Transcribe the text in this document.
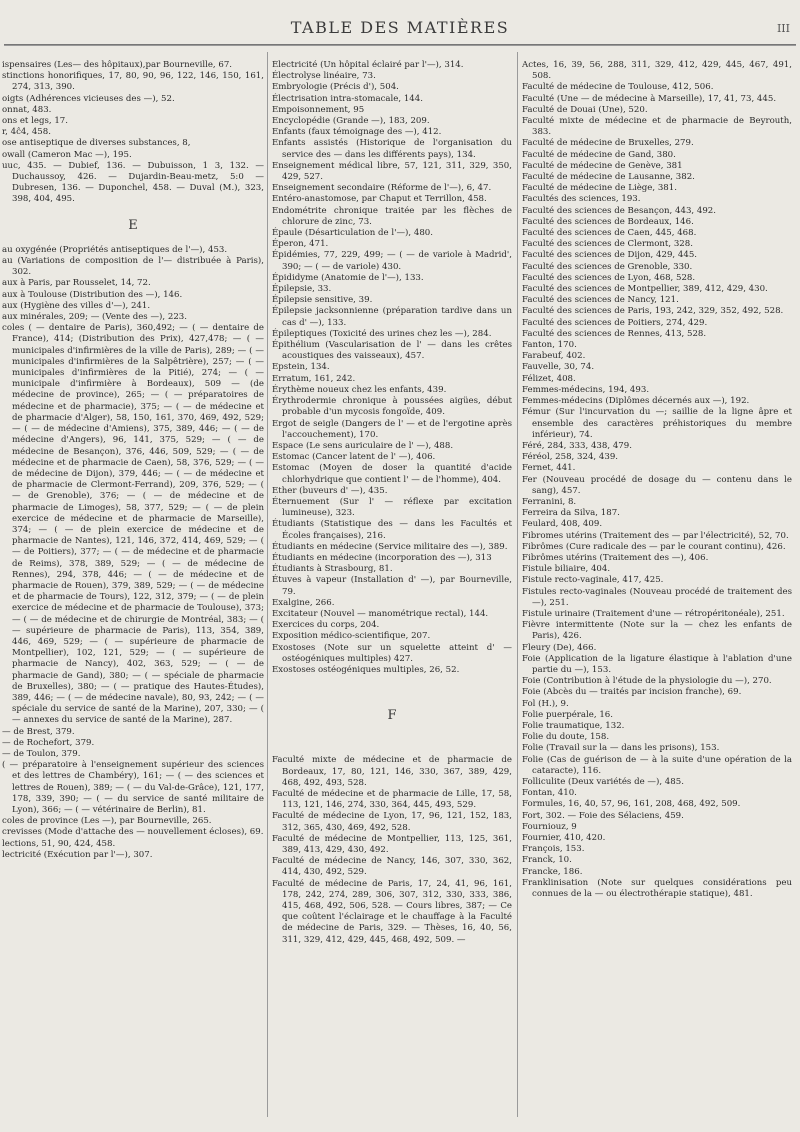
TABLE DES MATIÈRES	III
ispensaires (Les— des hôpitaux),par Bourneville, 67.
stinctions honorifiques, 17, 80, 90, 96, 122, 146, 150, 161, 274, 313, 390.
oigts (Adhérences vicieuses des —), 52.
onnat, 483.
ons et legs, 17.
r, 4ĉ4, 458.
ose antiseptique de diverses substances, 8,
owall (Cameron Mac —), 195.
uuc, 435. — Dubief, 136. — Dubuisson, 1 3, 132. — Duchaussoy, 426. — Dujardin-Beau-metz, 5:0 — Dubresen, 136. — Duponchel, 458. — Duval (M.), 323, 398, 404, 495.
E
au oxygénée (Propriétés antiseptiques de l'—), 453.
au (Variations de composition de l'— distribuée à Paris), 302.
aux à Paris, par Rousselet, 14, 72.
aux à Toulouse (Distribution des —), 146.
aux (Hygiène des villes d'—), 241.
aux minérales, 209; — (Vente des —), 223.
coles ( — dentaire de Paris), 360,492; — ( — dentaire de France), 414; (Distribution des Prix), 427,478; — ( — municipales d'infirmières de la ville de Paris), 289; — ( — municipales d'infirmières de la Salpêtrière), 257; — ( — municipales d'infirmières de la Pitié), 274; — ( — municipale d'infirmière à Bordeaux), 509 — (de médecine de province), 265; — ( — préparatoires de médecine et de pharmacie), 375; — ( — de médecine et de pharmacie d'Alger), 58, 150, 161, 370, 469, 492, 529; — ( — de médecine d'Amiens), 375, 389, 446; — ( — de médecine d'Angers), 96, 141, 375, 529; — ( — de médecine de Besançon), 376, 446, 509, 529; — ( — de médecine et de pharmacie de Caen), 58, 376, 529; — ( — de médecine de Dijon), 379, 446; — ( — de médecine et de pharmacie de Clermont-Ferrand), 209, 376, 529; — ( — de Grenoble), 376; — ( — de médecine et de pharmacie de Limoges), 58, 377, 529; — ( — de plein exercice de médecine et de pharmacie de Marseille), 374; — ( — de plein exercice de médecine et de pharmacie de Nantes), 121, 146, 372, 414, 469, 529; — ( — de Poitiers), 377; — ( — de médecine et de pharmacie de Reims), 378, 389, 529; — ( — de médecine de Rennes), 294, 378, 446; — ( — de médecine et de pharmacie de Rouen), 379, 389, 529; — ( — de médecine et de pharmacie de Tours), 122, 312, 379; — ( — de plein exercice de médecine et de pharmacie de Toulouse), 373; — ( — de médecine et de chirurgie de Montréal, 383; — ( — supérieure de pharmacie de Paris), 113, 354, 389, 446, 469, 529; — ( — supérieure de pharmacie de Montpellier), 102, 121, 529; — ( — supérieure de pharmacie de Nancy), 402, 363, 529; — ( — de pharmacie de Gand), 380; — ( — spéciale de pharmacie de Bruxelles), 380; — ( — pratique des Hautes-Études), 389, 446; — ( — de médecine navale), 80, 93, 242; — ( — spéciale du service de santé de la Marine), 207, 330; — ( — annexes du service de santé de la Marine), 287.
— de Brest, 379.
— de Rochefort, 379.
— de Toulon, 379.
( — préparatoire à l'enseignement supérieur des sciences et des lettres de Chambéry), 161; — ( — des sciences et lettres de Rouen), 389; — ( — du Val-de-Grâce), 121, 177, 178, 339, 390; — ( — du service de santé militaire de Lyon), 366; — ( — vétérinaire de Berlin), 81.
coles de province (Les —), par Bourneville, 265.
crevisses (Mode d'attache des — nouvellement écloses), 69.
lections, 51, 90, 424, 458.
lectricité (Exécution par l'—), 307.
Électricité (Un hôpital éclairé par l'—), 314.
Électrolyse linéaire, 73.
Embryologie (Précis d'), 504.
Électrisation intra-stomacale, 144.
Empoisonnement, 95
Encyclopédie (Grande —), 183, 209.
Enfants (faux témoignage des —), 412.
Enfants assistés (Historique de l'organisation du service des — dans les différents pays), 134.
Enseignement médical libre, 57, 121, 311, 329, 350, 429, 527.
Enseignement secondaire (Réforme de l'—), 6, 47.
Entéro-anastomose, par Chaput et Terrillon, 458.
Endométrite chronique traitée par les flèches de chlorure de zinc, 73.
Épaule (Désarticulation de l'—), 480.
Éperon, 471.
Épidémies, 77, 229, 499; — ( — de variole à Madrid', 390; — ( — de variole) 430.
Épididyme (Anatomie de l'—), 133.
Épilepsie, 33.
Épilepsie sensitive, 39.
Épilepsie jacksonnienne (préparation tardive dans un cas d' —), 133.
Épileptiques (Toxicité des urines chez les —), 284.
Épithélium (Vascularisation de l' — dans les crêtes acoustiques des vaisseaux), 457.
Epstein, 134.
Erratum, 161, 242.
Érythème noueux chez les enfants, 439.
Érythrodermie chronique à poussées aigües, début probable d'un mycosis fongoïde, 409.
Ergot de seigle (Dangers de l' — et de l'ergotine après l'accouchement), 170.
Espace (Le sens auriculaire de l' —), 488.
Estomac (Cancer latent de l' —), 406.
Estomac (Moyen de doser la quantité d'acide chlorhydrique que contient l' — de l'homme), 404.
Ether (buveurs d' —), 435.
Éternuement (Sur l' — réflexe par excitation lumineuse), 323.
Étudiants (Statistique des — dans les Facultés et Écoles françaises), 216.
Étudiants en médecine (Service militaire des —), 389.
Étudiants en médecine (incorporation des —), 313
Étudiants à Strasbourg, 81.
Étuves à vapeur (Installation d' —), par Bourneville, 79.
Exalgine, 266.
Excitateur (Nouvel — manométrique rectal), 144.
Exercices du corps, 204.
Exposition médico-scientifique, 207.
Exostoses (Note sur un squelette atteint d' — ostéogéniques multiples) 427.
Exostoses ostéogéniques multiples, 26, 52.
F
Faculté mixte de médecine et de pharmacie de Bordeaux, 17, 80, 121, 146, 330, 367, 389, 429, 468, 492, 493, 528.
Faculté de médecine et de pharmacie de Lille, 17, 58, 113, 121, 146, 274, 330, 364, 445, 493, 529.
Faculté de médecine de Lyon, 17, 96, 121, 152, 183, 312, 365, 430, 469, 492, 528.
Faculté de médecine de Montpellier, 113, 125, 361, 389, 413, 429, 430, 492.
Faculté de médecine de Nancy, 146, 307, 330, 362, 414, 430, 492, 529.
Faculté de médecine de Paris, 17, 24, 41, 96, 161, 178, 242, 274, 289, 306, 307, 312, 330, 333, 386, 415, 468, 492, 506, 528. — Cours libres, 387; — Ce que coûtent l'éclairage et le chauffage à la Faculté de médecine de Paris, 329. — Thèses, 16, 40, 56, 311, 329, 412, 429, 445, 468, 492, 509. —
Actes, 16, 39, 56, 288, 311, 329, 412, 429, 445, 467, 491, 508.
Faculté de médecine de Toulouse, 412, 506.
Faculté (Une — de médecine à Marseille), 17, 41, 73, 445.
Faculté de Douai (Une), 520.
Faculté mixte de médecine et de pharmacie de Beyrouth, 383.
Faculté de médecine de Bruxelles, 279.
Faculté de médecine de Gand, 380.
Faculté de médecine de Genève, 381
Faculté de médecine de Lausanne, 382.
Faculté de médecine de Liège, 381.
Facultés des sciences, 193.
Faculté des sciences de Besançon, 443, 492.
Faculté des sciences de Bordeaux, 146.
Faculté des sciences de Caen, 445, 468.
Faculté des sciences de Clermont, 328.
Faculté des sciences de Dijon, 429, 445.
Faculté des sciences de Grenoble, 330.
Faculté des sciences de Lyon, 468, 528.
Faculté des sciences de Montpellier, 389, 412, 429, 430.
Faculté des sciences de Nancy, 121.
Faculté des sciences de Paris, 193, 242, 329, 352, 492, 528.
Faculté des sciences de Poitiers, 274, 429.
Faculté des sciences de Rennes, 413, 528.
Fanton, 170.
Farabeuf, 402.
Fauvelle, 30, 74.
Félizet, 408.
Femmes-médecins, 194, 493.
Femmes-médecins (Diplômes décernés aux —), 192.
Fémur (Sur l'incurvation du —; saillie de la ligne âpre et ensemble des caractères préhistoriques du membre inférieur), 74.
Féré, 284, 333, 438, 479.
Féréol, 258, 324, 439.
Fernet, 441.
Fer (Nouveau procédé de dosage du — contenu dans le sang), 457.
Ferranini, 8.
Ferreira da Silva, 187.
Feulard, 408, 409.
Fibromes utérins (Traitement des — par l'électricité), 52, 70.
Fibrômes (Cure radicale des — par le courant continu), 426.
Fibrômes utérins (Traitement des —), 406.
Fistule biliaire, 404.
Fistule recto-vaginale, 417, 425.
Fistules recto-vaginales (Nouveau procédé de traitement des —), 251.
Fistule urinaire (Traitement d'une — rétropéritonéale), 251.
Fièvre intermittente (Note sur la — chez les enfants de Paris), 426.
Fleury (De), 466.
Foie (Application de la ligature élastique à l'ablation d'une partie du —), 153.
Foie (Contribution à l'étude de la physiologie du —), 270.
Foie (Abcès du — traités par incision franche), 69.
Fol (H.), 9.
Folie puerpérale, 16.
Folie traumatique, 132.
Folie du doute, 158.
Folie (Travail sur la — dans les prisons), 153.
Folie (Cas de guérison de — à la suite d'une opération de la cataracte), 116.
Folliculite (Deux variétés de —), 485.
Fontan, 410.
Formules, 16, 40, 57, 96, 161, 208, 468, 492, 509.
Fort, 302. — Foie des Sélaciens, 459.
Fourniouz, 9
Fournier, 410, 420.
François, 153.
Franck, 10.
Francke, 186.
Franklinisation (Note sur quelques considérations peu connues de la — ou électrothérapie statique), 481.
